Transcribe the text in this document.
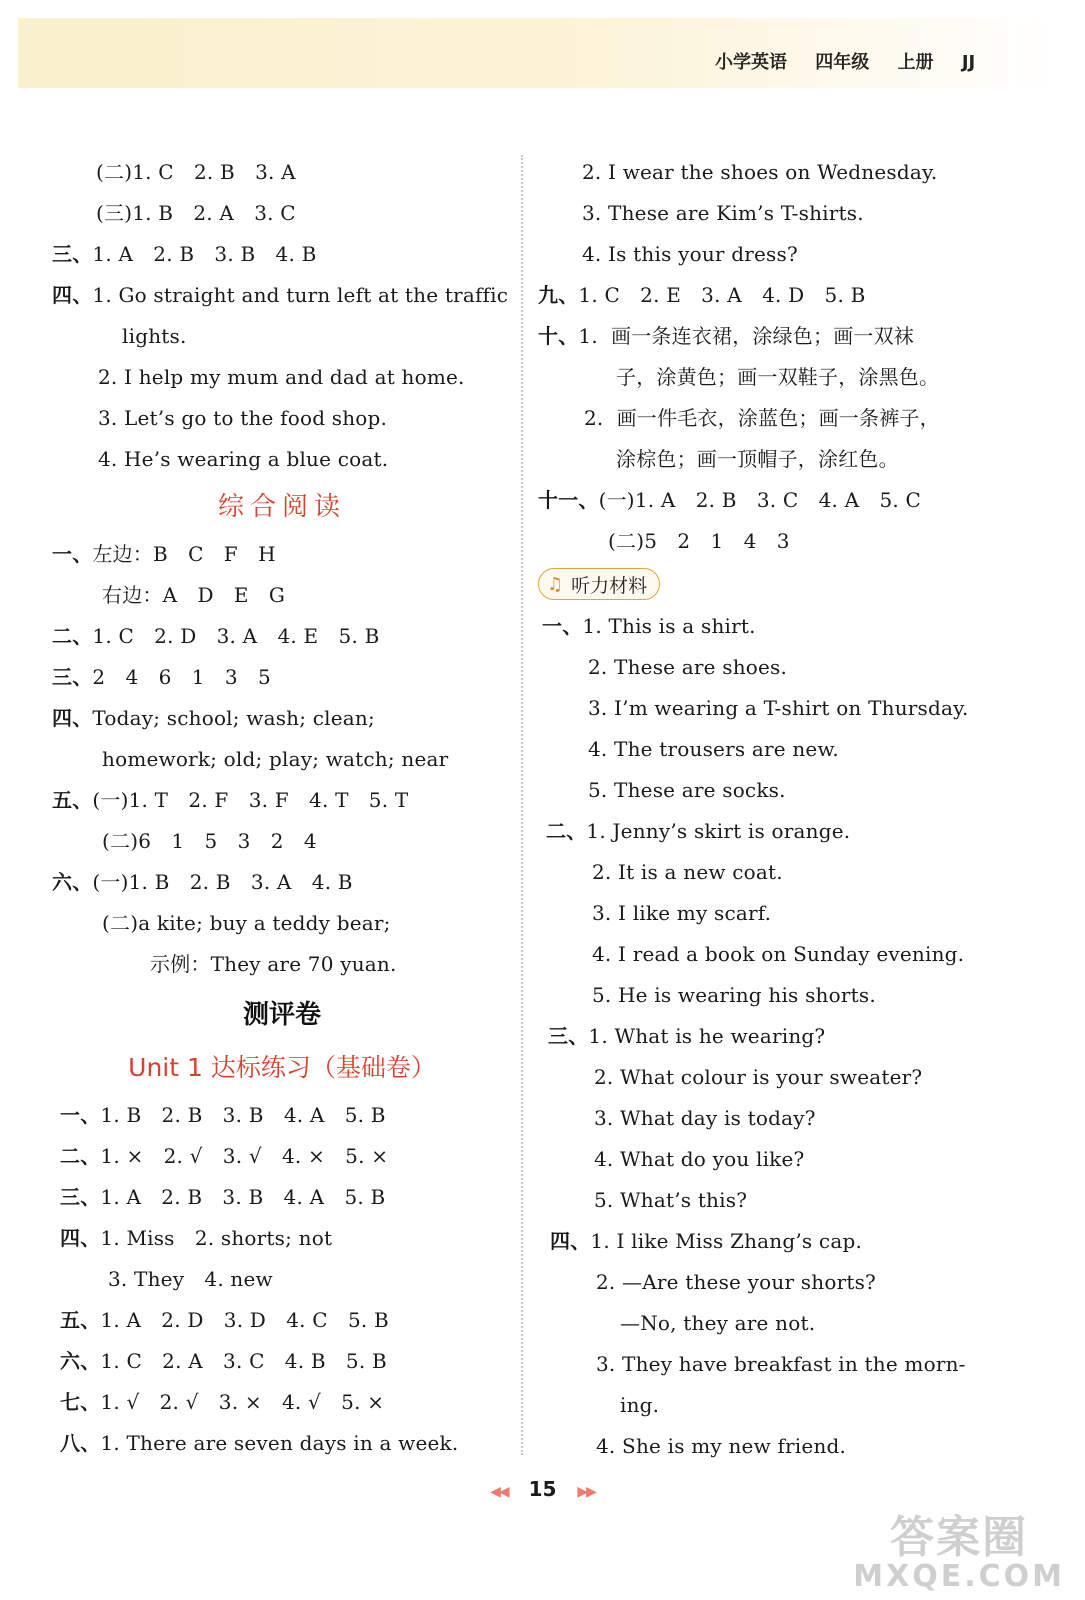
小学英语 四年级 上册 JJ
(二)1. C　2. B　3. A
(三)1. B　2. A　3. C
三、1. A　2. B　3. B　4. B
四、1. Go straight and turn left at the traffic
lights.
2. I help my mum and dad at home.
3. Let’s go to the food shop.
4. He’s wearing a blue coat.
综合阅读
一、左边：B　C　F　H
右边：A　D　E　G
二、1. C　2. D　3. A　4. E　5. B
三、2　4　6　1　3　5
四、Today; school; wash; clean;
homework; old; play; watch; near
五、(一)1. T　2. F　3. F　4. T　5. T
(二)6　1　5　3　2　4
六、(一)1. B　2. B　3. A　4. B
(二)a kite; buy a teddy bear;
示例：They are 70 yuan.
测评卷
Unit 1 达标练习（基础卷）
一、1. B　2. B　3. B　4. A　5. B
二、1. ×　2. √　3. √　4. ×　5. ×
三、1. A　2. B　3. B　4. A　5. B
四、1. Miss　2. shorts; not
3. They　4. new
五、1. A　2. D　3. D　4. C　5. B
六、1. C　2. A　3. C　4. B　5. B
七、1. √　2. √　3. ×　4. √　5. ×
八、1. There are seven days in a week.
2. I wear the shoes on Wednesday.
3. These are Kim’s T-shirts.
4. Is this your dress?
九、1. C　2. E　3. A　4. D　5. B
十、1.  画一条连衣裙，涂绿色；画一双袜
子，涂黄色；画一双鞋子，涂黑色。
2.  画一件毛衣，涂蓝色；画一条裤子，
涂棕色；画一顶帽子，涂红色。
十一、(一)1. A　2. B　3. C　4. A　5. C
(二)5　2　1　4　3
♫ 听力材料
一、1. This is a shirt.
2. These are shoes.
3. I’m wearing a T-shirt on Thursday.
4. The trousers are new.
5. These are socks.
二、1. Jenny’s skirt is orange.
2. It is a new coat.
3. I like my scarf.
4. I read a book on Sunday evening.
5. He is wearing his shorts.
三、1. What is he wearing?
2. What colour is your sweater?
3. What day is today?
4. What do you like?
5. What’s this?
四、1. I like Miss Zhang’s cap.
2. —Are these your shorts?
—No, they are not.
3. They have breakfast in the morn-
ing.
4. She is my new friend.
◀◀ 15 ▶▶
答案圈
MXQE.COM
